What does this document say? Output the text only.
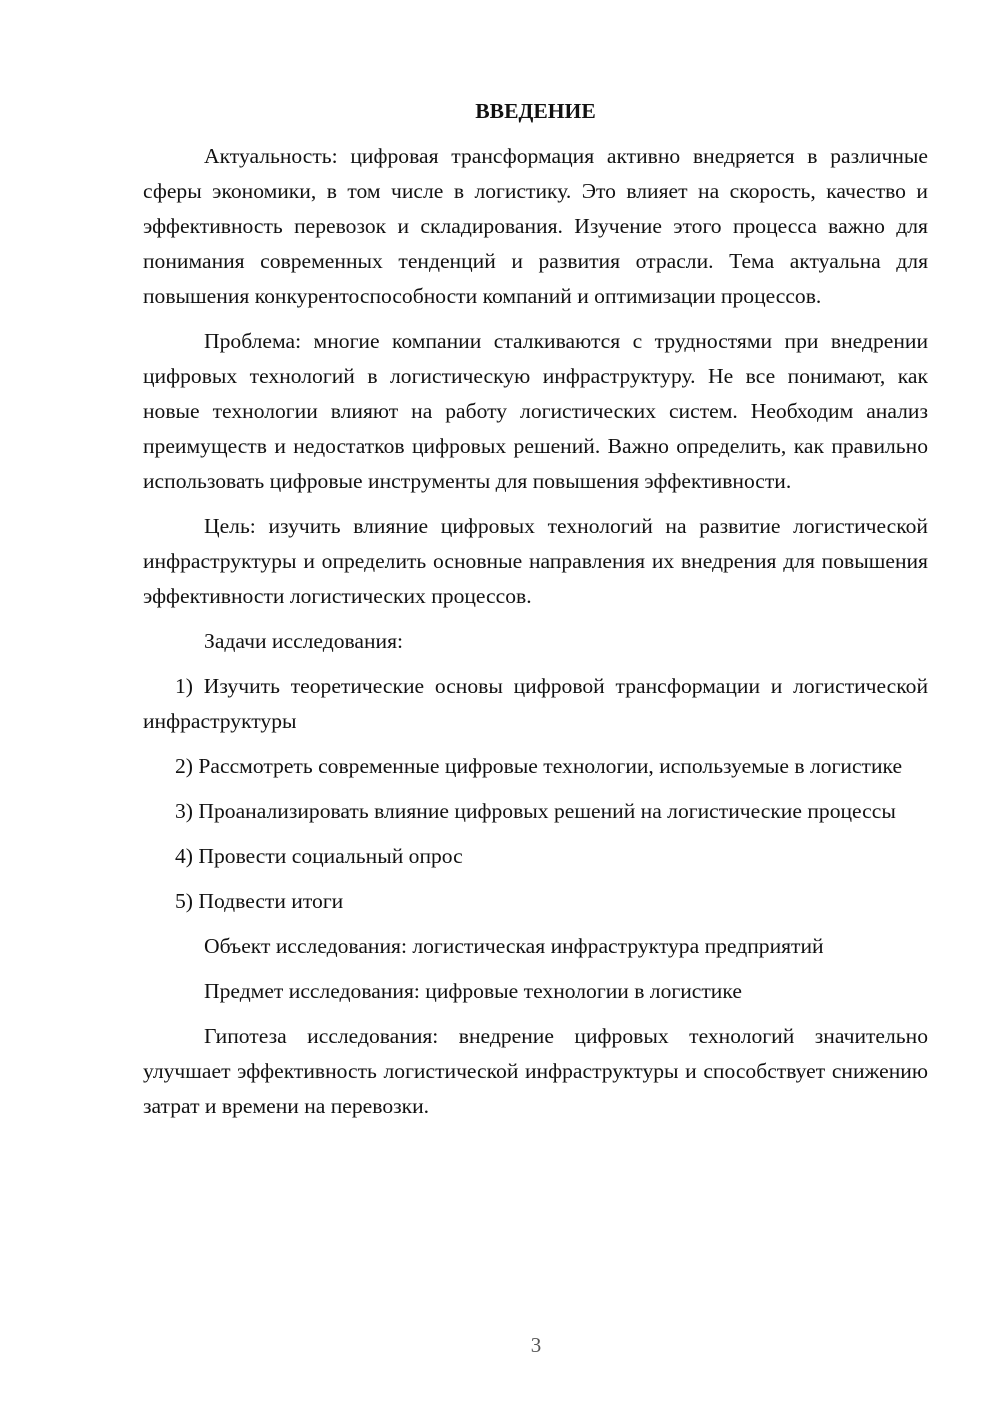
ВВЕДЕНИЕ

Актуальность: цифровая трансформация активно внедряется в различные сферы экономики, в том числе в логистику. Это влияет на скорость, качество и эффективность перевозок и складирования. Изучение этого процесса важно для понимания современных тенденций и развития отрасли. Тема актуальна для повышения конкурентоспособности компаний и оптимизации процессов.

Проблема: многие компании сталкиваются с трудностями при внедрении цифровых технологий в логистическую инфраструктуру. Не все понимают, как новые технологии влияют на работу логистических систем. Необходим анализ преимуществ и недостатков цифровых решений. Важно определить, как правильно использовать цифровые инструменты для повышения эффективности.

Цель: изучить влияние цифровых технологий на развитие логистической инфраструктуры и определить основные направления их внедрения для повышения эффективности логистических процессов.

Задачи исследования:

1) Изучить теоретические основы цифровой трансформации и логистической инфраструктуры

2) Рассмотреть современные цифровые технологии, используемые в логистике

3) Проанализировать влияние цифровых решений на логистические процессы

4) Провести социальный опрос

5) Подвести итоги

Объект исследования: логистическая инфраструктура предприятий

Предмет исследования: цифровые технологии в логистике

Гипотеза исследования: внедрение цифровых технологий значительно улучшает эффективность логистической инфраструктуры и способствует снижению затрат и времени на перевозки.

3
